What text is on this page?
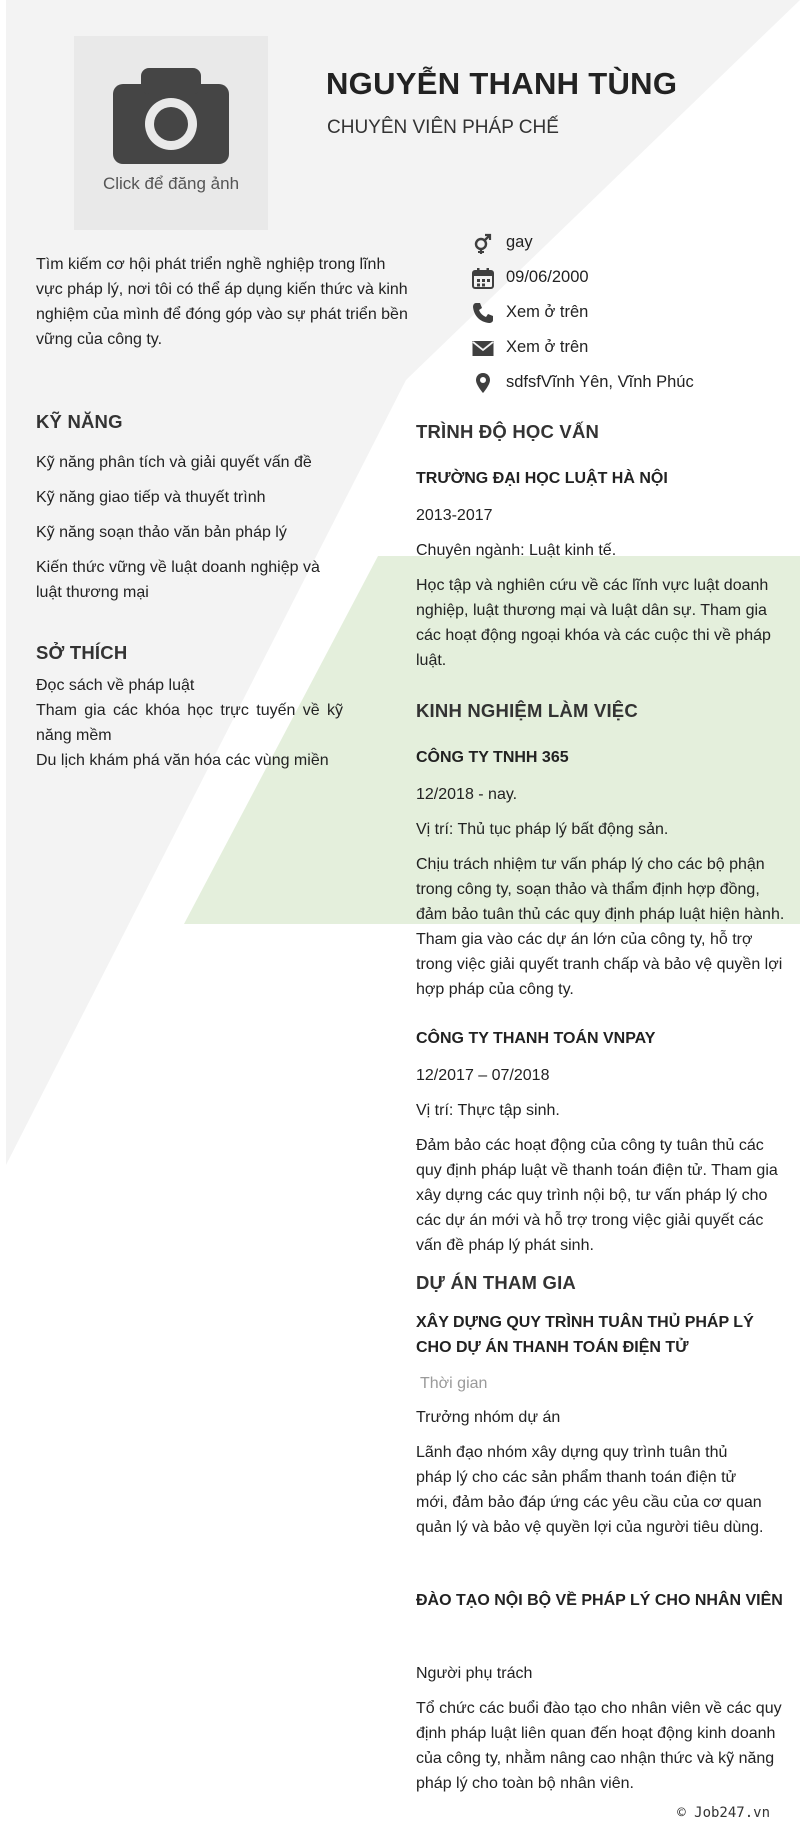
Click để đăng ảnh
NGUYỄN THANH TÙNG
CHUYÊN VIÊN PHÁP CHẾ
Tìm kiếm cơ hội phát triển nghề nghiệp trong lĩnh vực pháp lý, nơi tôi có thể áp dụng kiến thức và kinh nghiệm của mình để đóng góp vào sự phát triển bền vững của công ty.
gay
09/06/2000
Xem ở trên
Xem ở trên
sdfsfVĩnh Yên, Vĩnh Phúc
KỸ NĂNG
Kỹ năng phân tích và giải quyết vấn đề
Kỹ năng giao tiếp và thuyết trình
Kỹ năng soạn thảo văn bản pháp lý
Kiến thức vững về luật doanh nghiệp và luật thương mại
SỞ THÍCH
Đọc sách về pháp luật
Tham gia các khóa học trực tuyến về kỹ năng mềm
Du lịch khám phá văn hóa các vùng miền
TRÌNH ĐỘ HỌC VẤN
TRƯỜNG ĐẠI HỌC LUẬT HÀ NỘI
2013-2017
Chuyên ngành: Luật kinh tế.
Học tập và nghiên cứu về các lĩnh vực luật doanh nghiệp, luật thương mại và luật dân sự. Tham gia các hoạt động ngoại khóa và các cuộc thi về pháp luật.
KINH NGHIỆM LÀM VIỆC
CÔNG TY TNHH 365
12/2018 - nay.
Vị trí: Thủ tục pháp lý bất động sản.
Chịu trách nhiệm tư vấn pháp lý cho các bộ phận trong công ty, soạn thảo và thẩm định hợp đồng, đảm bảo tuân thủ các quy định pháp luật hiện hành. Tham gia vào các dự án lớn của công ty, hỗ trợ trong việc giải quyết tranh chấp và bảo vệ quyền lợi hợp pháp của công ty.
CÔNG TY THANH TOÁN VNPAY
12/2017 – 07/2018
Vị trí: Thực tập sinh.
Đảm bảo các hoạt động của công ty tuân thủ các quy định pháp luật về thanh toán điện tử. Tham gia xây dựng các quy trình nội bộ, tư vấn pháp lý cho các dự án mới và hỗ trợ trong việc giải quyết các vấn đề pháp lý phát sinh.
DỰ ÁN THAM GIA
XÂY DỰNG QUY TRÌNH TUÂN THỦ PHÁP LÝ CHO DỰ ÁN THANH TOÁN ĐIỆN TỬ
Thời gian
Trưởng nhóm dự án
Lãnh đạo nhóm xây dựng quy trình tuân thủ pháp lý cho các sản phẩm thanh toán điện tử mới, đảm bảo đáp ứng các yêu cầu của cơ quan quản lý và bảo vệ quyền lợi của người tiêu dùng.
ĐÀO TẠO NỘI BỘ VỀ PHÁP LÝ CHO NHÂN VIÊN
Người phụ trách
Tổ chức các buổi đào tạo cho nhân viên về các quy định pháp luật liên quan đến hoạt động kinh doanh của công ty, nhằm nâng cao nhận thức và kỹ năng pháp lý cho toàn bộ nhân viên.
© Job247.vn
